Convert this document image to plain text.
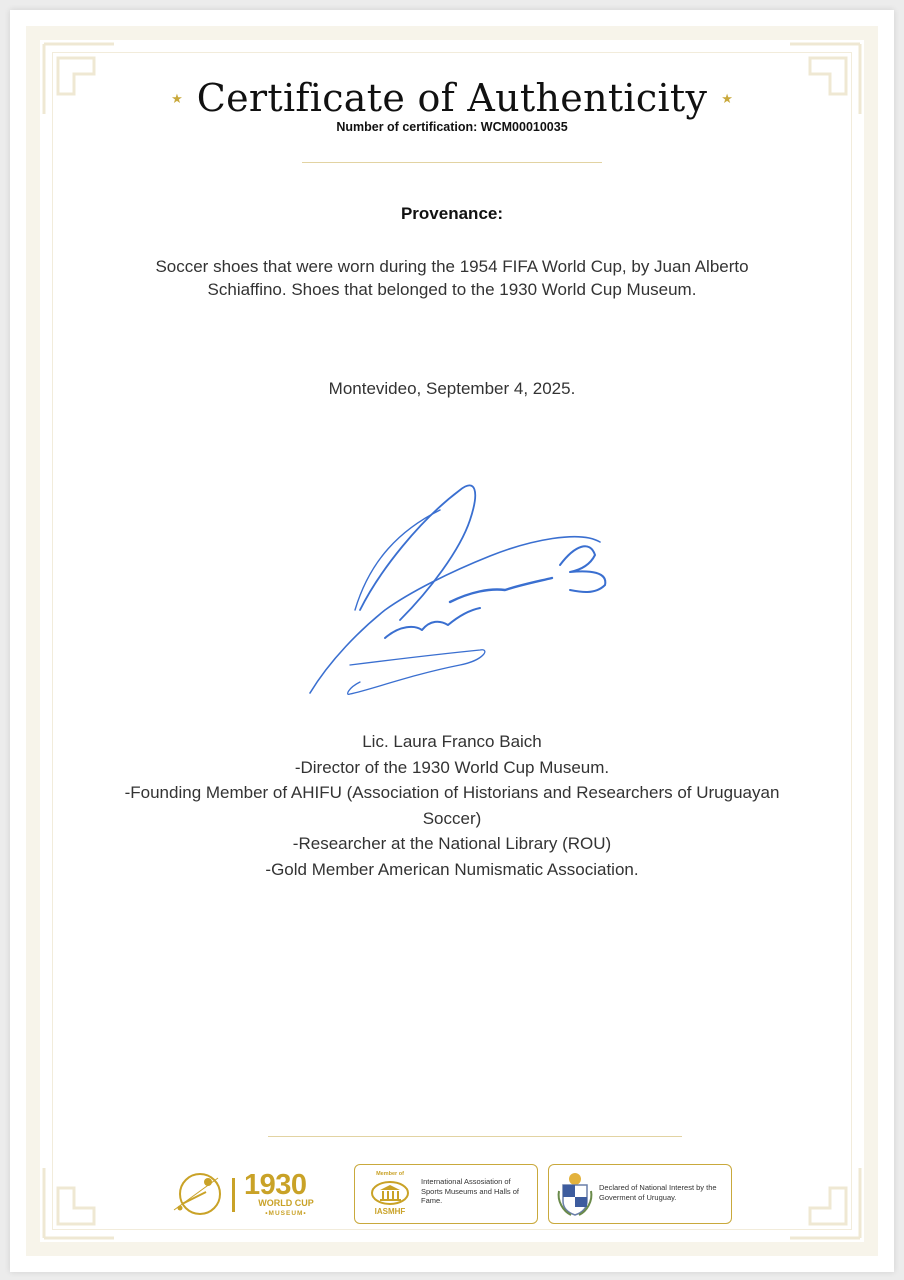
★ Certificate of Authenticity ★
Number of certification: WCM00010035
Provenance:
Soccer shoes that were worn during the 1954 FIFA World Cup, by Juan Alberto Schiaffino. Shoes that belonged to the 1930 World Cup Museum.
Montevideo, September 4, 2025.
Lic. Laura Franco Baich
-Director of the 1930 World Cup Museum.
-Founding Member of AHIFU (Association of Historians and Researchers of Uruguayan Soccer)
-Researcher at the National Library (ROU)
-Gold Member American Numismatic Association.
1930
WORLD CUP
•MUSEUM•
Member of
IASMHF
International Assosiation of Sports Museums and Halls of Fame.
Declared of National Interest by the Goverment of Uruguay.
